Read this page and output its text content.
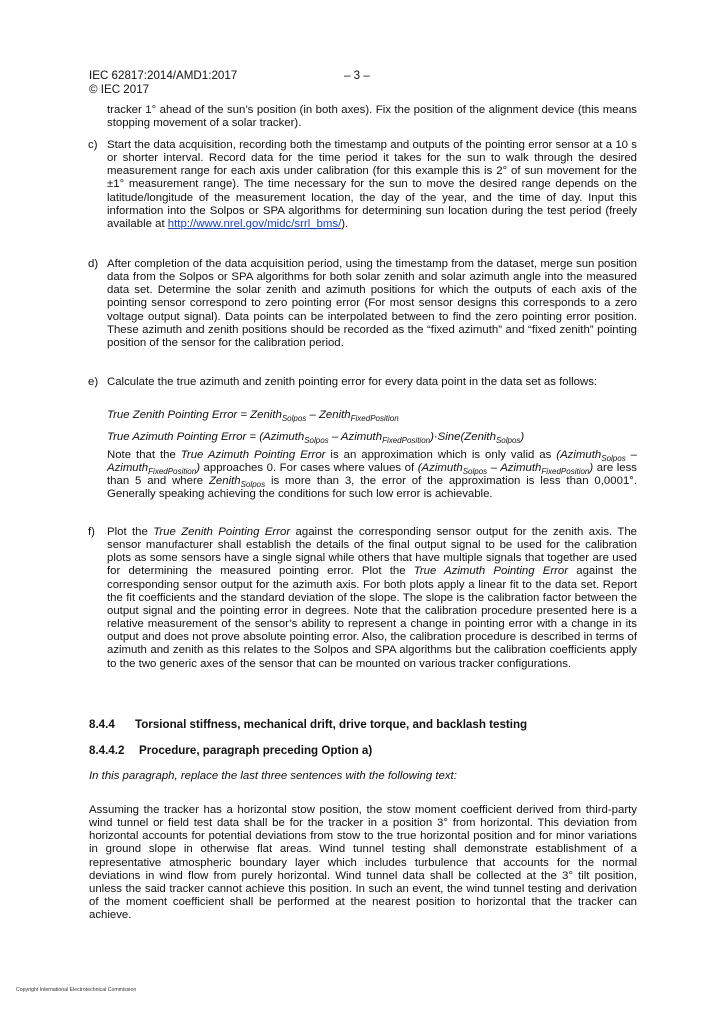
IEC 62817:2014/AMD1:2017	– 3 –
© IEC 2017
tracker 1° ahead of the sun’s position (in both axes). Fix the position of the alignment device (this means stopping movement of a solar tracker).
c) Start the data acquisition, recording both the timestamp and outputs of the pointing error sensor at a 10 s or shorter interval. Record data for the time period it takes for the sun to walk through the desired measurement range for each axis under calibration (for this example this is 2° of sun movement for the ±1° measurement range). The time necessary for the sun to move the desired range depends on the latitude/longitude of the measurement location, the day of the year, and the time of day. Input this information into the Solpos or SPA algorithms for determining sun location during the test period (freely available at http://www.nrel.gov/midc/srrl_bms/).
d) After completion of the data acquisition period, using the timestamp from the dataset, merge sun position data from the Solpos or SPA algorithms for both solar zenith and solar azimuth angle into the measured data set. Determine the solar zenith and azimuth positions for which the outputs of each axis of the pointing sensor correspond to zero pointing error (For most sensor designs this corresponds to a zero voltage output signal). Data points can be interpolated between to find the zero pointing error position. These azimuth and zenith positions should be recorded as the “fixed azimuth” and “fixed zenith” pointing position of the sensor for the calibration period.
e) Calculate the true azimuth and zenith pointing error for every data point in the data set as follows:
True Zenith Pointing Error = Zenith$_{Solpos}$ – Zenith$_{FixedPosition}$
True Azimuth Pointing Error = (Azimuth$_{Solpos}$ – Azimuth$_{FixedPosition}$)·Sine(Zenith$_{Solpos}$)
Note that the True Azimuth Pointing Error is an approximation which is only valid as (Azimuth$_{Solpos}$ – Azimuth$_{FixedPosition}$) approaches 0. For cases where values of (Azimuth$_{Solpos}$ – Azimuth$_{FixedPosition}$) are less than 5 and where Zenith$_{Solpos}$ is more than 3, the error of the approximation is less than 0,0001°. Generally speaking achieving the conditions for such low error is achievable.
f) Plot the True Zenith Pointing Error against the corresponding sensor output for the zenith axis. The sensor manufacturer shall establish the details of the final output signal to be used for the calibration plots as some sensors have a single signal while others that have multiple signals that together are used for determining the measured pointing error. Plot the True Azimuth Pointing Error against the corresponding sensor output for the azimuth axis. For both plots apply a linear fit to the data set. Report the fit coefficients and the standard deviation of the slope. The slope is the calibration factor between the output signal and the pointing error in degrees. Note that the calibration procedure presented here is a relative measurement of the sensor’s ability to represent a change in pointing error with a change in its output and does not prove absolute pointing error. Also, the calibration procedure is described in terms of azimuth and zenith as this relates to the Solpos and SPA algorithms but the calibration coefficients apply to the two generic axes of the sensor that can be mounted on various tracker configurations.
8.4.4 Torsional stiffness, mechanical drift, drive torque, and backlash testing
8.4.4.2 Procedure, paragraph preceding Option a)
In this paragraph, replace the last three sentences with the following text:
Assuming the tracker has a horizontal stow position, the stow moment coefficient derived from third-party wind tunnel or field test data shall be for the tracker in a position 3° from horizontal. This deviation from horizontal accounts for potential deviations from stow to the true horizontal position and for minor variations in ground slope in otherwise flat areas. Wind tunnel testing shall demonstrate establishment of a representative atmospheric boundary layer which includes turbulence that accounts for the normal deviations in wind flow from purely horizontal. Wind tunnel data shall be collected at the 3° tilt position, unless the said tracker cannot achieve this position. In such an event, the wind tunnel testing and derivation of the moment coefficient shall be performed at the nearest position to horizontal that the tracker can achieve.
Copyright International Electrotechnical Commission
